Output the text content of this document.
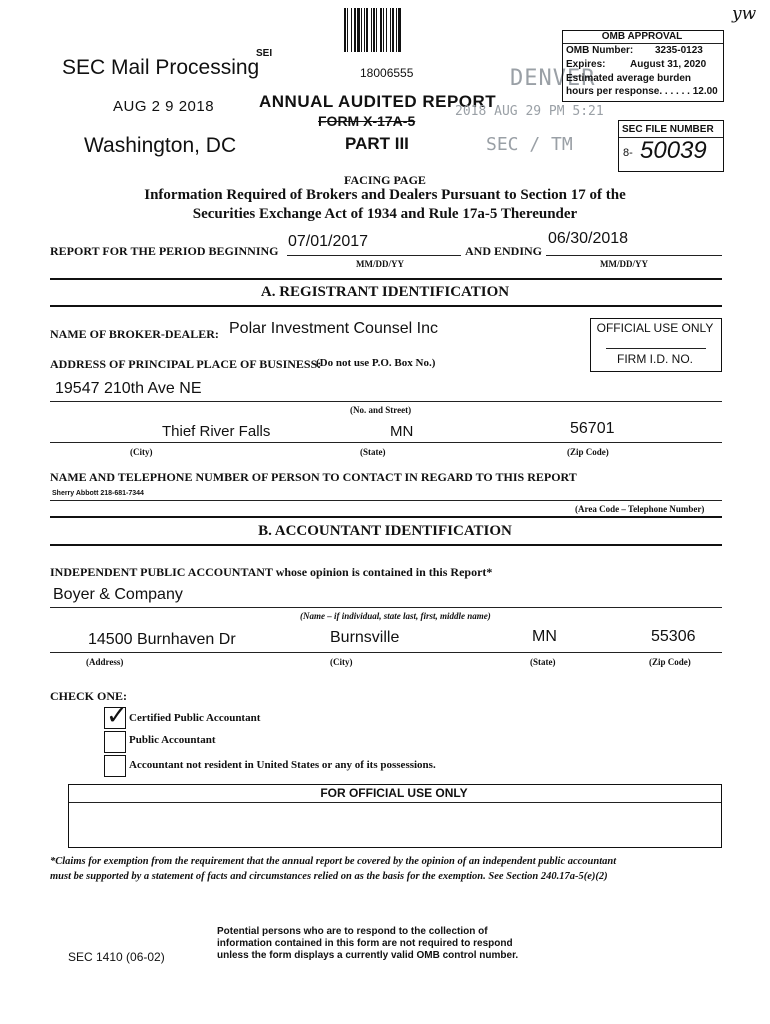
yw
18006555
SEI
SEC Mail Processing
AUG 2 9 2018
Washington, DC
ANNUAL AUDITED REPORT
FORM X-17A-5
PART III
DENVER
2018 AUG 29 PM 5:21
SEC / TM
OMB APPROVAL
OMB Number: 3235-0123
Expires: August 31, 2020
Estimated average burden
hours per response. . . . . . 12.00
SEC FILE NUMBER
8- 50039
FACING PAGE
Information Required of Brokers and Dealers Pursuant to Section 17 of the
Securities Exchange Act of 1934 and Rule 17a-5 Thereunder
REPORT FOR THE PERIOD BEGINNING
07/01/2017
MM/DD/YY
AND ENDING
06/30/2018
MM/DD/YY
A. REGISTRANT IDENTIFICATION
NAME OF BROKER-DEALER: Polar Investment Counsel Inc	OFFICIAL USE ONLY
FIRM I.D. NO.
ADDRESS OF PRINCIPAL PLACE OF BUSINESS:
(Do not use P.O. Box No.)
19547 210th Ave NE
(No. and Street)
Thief River Falls	MN	56701
(City)	(State)	(Zip Code)
NAME AND TELEPHONE NUMBER OF PERSON TO CONTACT IN REGARD TO THIS REPORT
Sherry Abbott 218-681-7344
(Area Code – Telephone Number)
B. ACCOUNTANT IDENTIFICATION
INDEPENDENT PUBLIC ACCOUNTANT whose opinion is contained in this Report*
Boyer & Company
(Name – if individual, state last, first, middle name)
14500 Burnhaven Dr	Burnsville	MN	55306
(Address)	(City)	(State)	(Zip Code)
CHECK ONE:
✓ Certified Public Accountant
Public Accountant
Accountant not resident in United States or any of its possessions.
FOR OFFICIAL USE ONLY
*Claims for exemption from the requirement that the annual report be covered by the opinion of an independent public accountant
must be supported by a statement of facts and circumstances relied on as the basis for the exemption. See Section 240.17a-5(e)(2)
SEC 1410 (06-02)
Potential persons who are to respond to the collection of
information contained in this form are not required to respond
unless the form displays a currently valid OMB control number.
